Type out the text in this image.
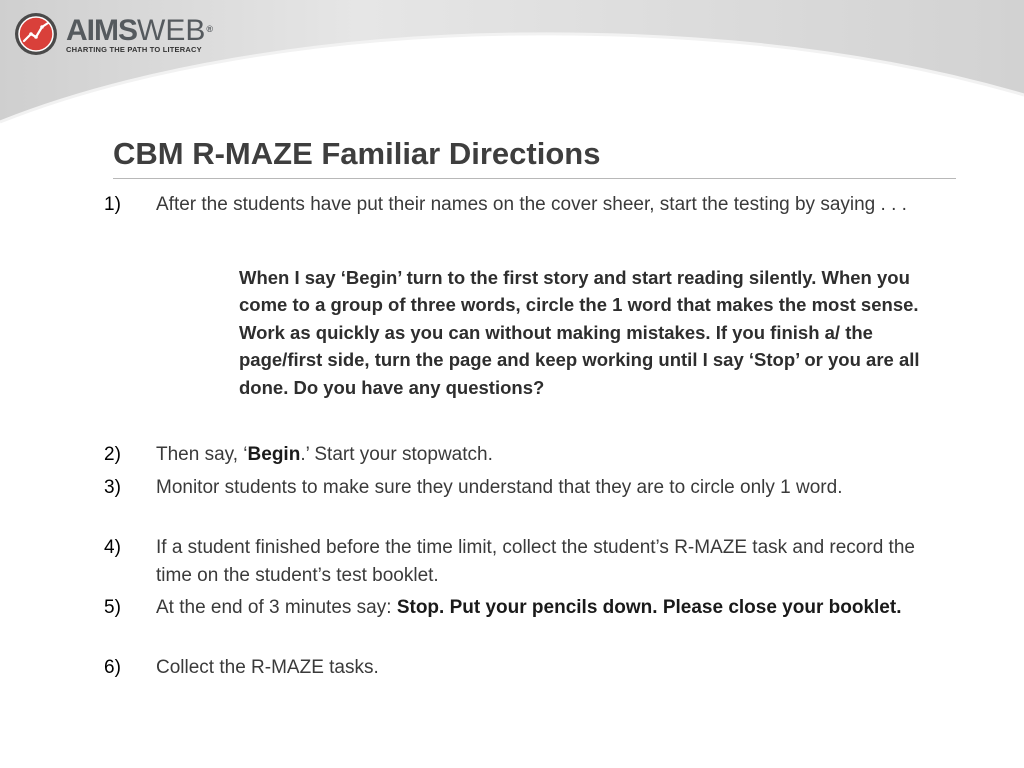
AIMSWEB®
CHARTING THE PATH TO LITERACY
CBM R-MAZE Familiar Directions
1) After the students have put their names on the cover sheer, start the testing by saying . . .

When I say ‘Begin’ turn to the first story and start reading silently. When you come to a group of three words, circle the 1 word that makes the most sense. Work as quickly as you can without making mistakes. If you finish a/ the page/first side, turn the page and keep working until I say ‘Stop’ or you are all done. Do you have any questions?

2) Then say, ‘Begin.’ Start your stopwatch.

3) Monitor students to make sure they understand that they are to circle only 1 word.

4) If a student finished before the time limit, collect the student’s R-MAZE task and record the time on the student’s test booklet.

5) At the end of 3 minutes say: Stop. Put your pencils down. Please close your booklet.

6) Collect the R-MAZE tasks.
